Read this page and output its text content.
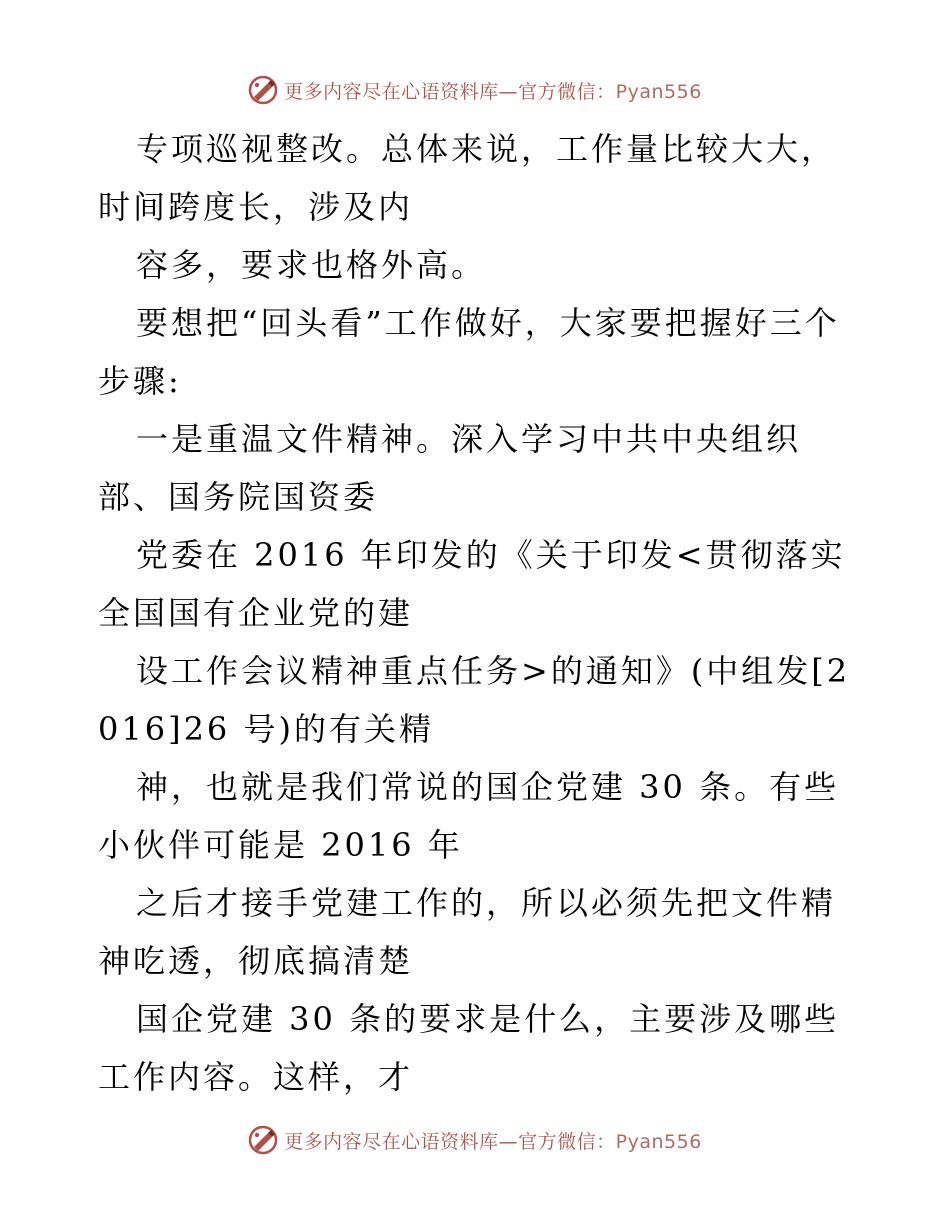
更多内容尽在心语资料库—官方微信：Pyan556

专项巡视整改。总体来说，工作量比较大大，时间跨度长，涉及内

容多，要求也格外高。

要想把“回头看”工作做好，大家要把握好三个步骤:

一是重温文件精神。深入学习中共中央组织部、国务院国资委

党委在 2016 年印发的《关于印发<贯彻落实全国国有企业党的建

设工作会议精神重点任务>的通知》(中组发[2016]26 号)的有关精

神，也就是我们常说的国企党建 30 条。有些小伙伴可能是 2016 年

之后才接手党建工作的，所以必须先把文件精神吃透，彻底搞清楚

国企党建 30 条的要求是什么，主要涉及哪些工作内容。这样，才

更多内容尽在心语资料库—官方微信：Pyan556
